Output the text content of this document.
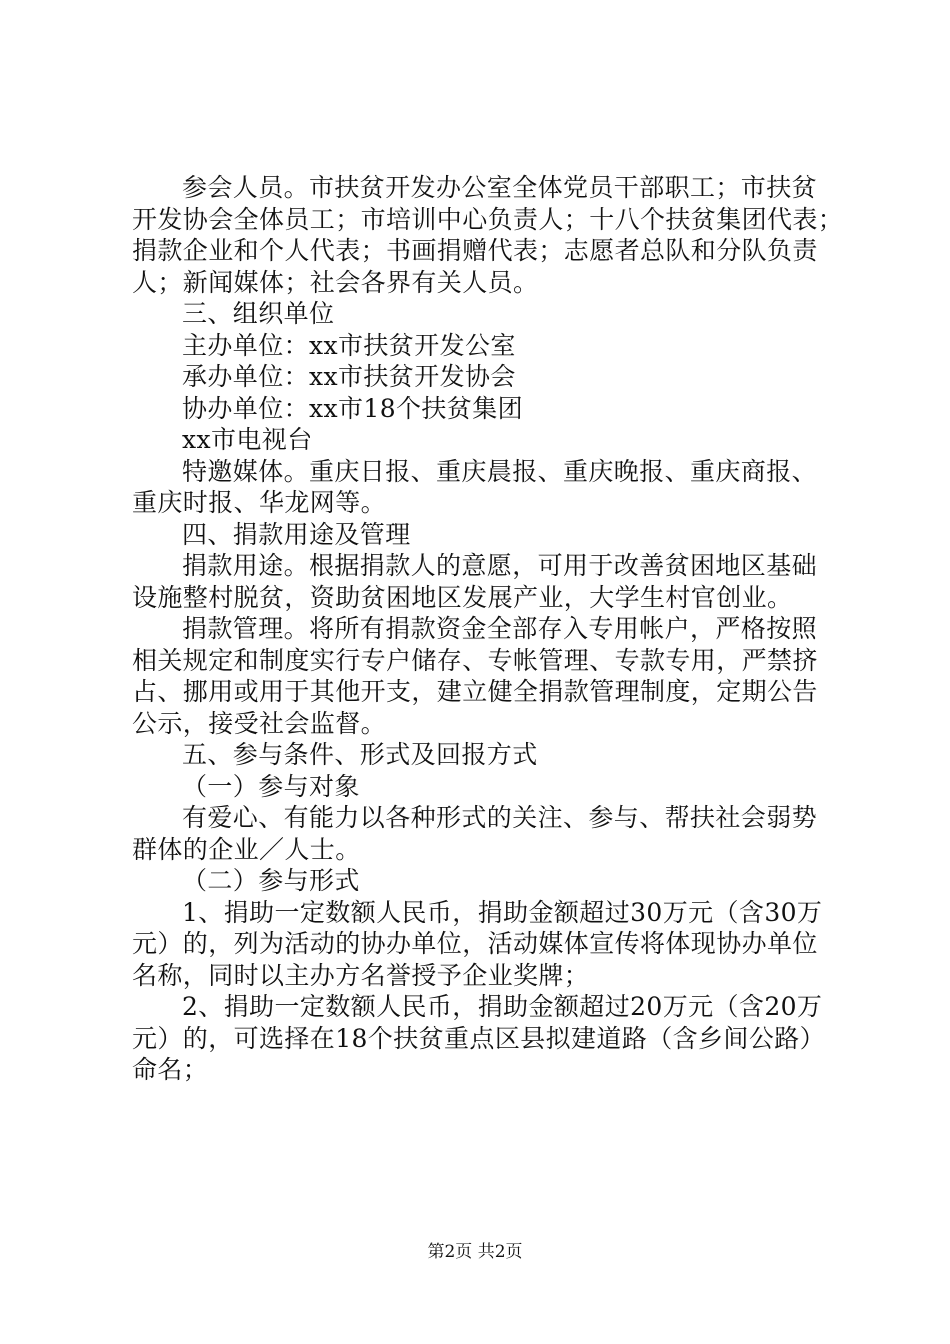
参会人员。市扶贫开发办公室全体党员干部职工；市扶贫
开发协会全体员工；市培训中心负责人；十八个扶贫集团代表；
捐款企业和个人代表；书画捐赠代表；志愿者总队和分队负责
人；新闻媒体；社会各界有关人员。
三、组织单位
主办单位：xx市扶贫开发公室
承办单位：xx市扶贫开发协会
协办单位：xx市18个扶贫集团
xx市电视台
特邀媒体。重庆日报、重庆晨报、重庆晚报、重庆商报、
重庆时报、华龙网等。
四、捐款用途及管理
捐款用途。根据捐款人的意愿，可用于改善贫困地区基础
设施整村脱贫，资助贫困地区发展产业，大学生村官创业。
捐款管理。将所有捐款资金全部存入专用帐户，严格按照
相关规定和制度实行专户储存、专帐管理、专款专用，严禁挤
占、挪用或用于其他开支，建立健全捐款管理制度，定期公告
公示，接受社会监督。
五、参与条件、形式及回报方式
（一）参与对象
有爱心、有能力以各种形式的关注、参与、帮扶社会弱势
群体的企业／人士。
（二）参与形式
1、捐助一定数额人民币，捐助金额超过30万元（含30万
元）的，列为活动的协办单位，活动媒体宣传将体现协办单位
名称，同时以主办方名誉授予企业奖牌；
2、捐助一定数额人民币，捐助金额超过20万元（含20万
元）的，可选择在18个扶贫重点区县拟建道路（含乡间公路）
命名；
第2页 共2页
